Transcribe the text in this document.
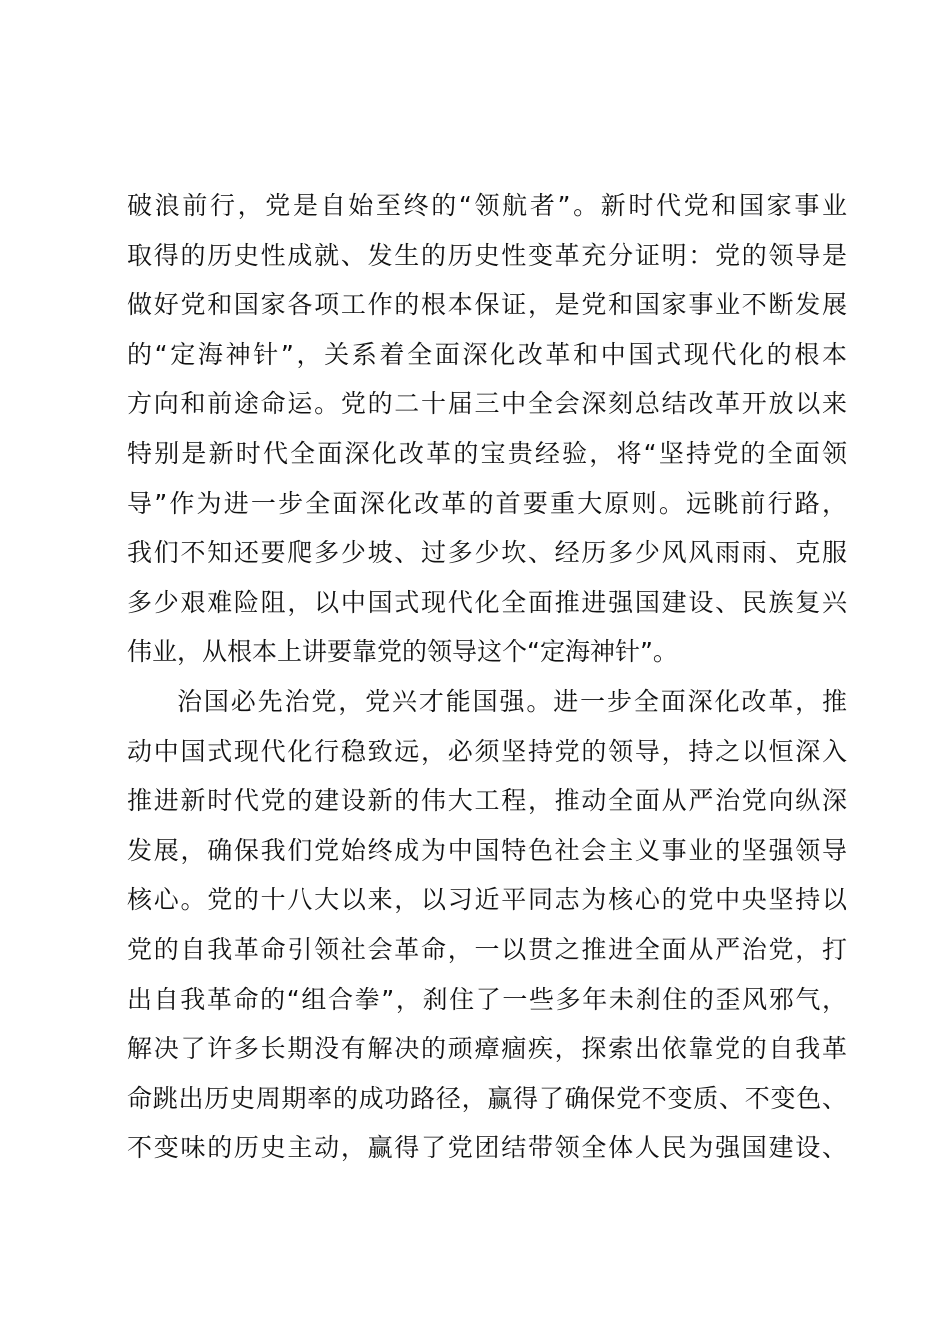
破浪前行，党是自始至终的“领航者”。新时代党和国家事业
取得的历史性成就、发生的历史性变革充分证明：党的领导是
做好党和国家各项工作的根本保证，是党和国家事业不断发展
的“定海神针”，关系着全面深化改革和中国式现代化的根本
方向和前途命运。党的二十届三中全会深刻总结改革开放以来
特别是新时代全面深化改革的宝贵经验，将“坚持党的全面领
导”作为进一步全面深化改革的首要重大原则。远眺前行路，
我们不知还要爬多少坡、过多少坎、经历多少风风雨雨、克服
多少艰难险阻，以中国式现代化全面推进强国建设、民族复兴
伟业，从根本上讲要靠党的领导这个“定海神针”。
治国必先治党，党兴才能国强。进一步全面深化改革，推
动中国式现代化行稳致远，必须坚持党的领导，持之以恒深入
推进新时代党的建设新的伟大工程，推动全面从严治党向纵深
发展，确保我们党始终成为中国特色社会主义事业的坚强领导
核心。党的十八大以来，以习近平同志为核心的党中央坚持以
党的自我革命引领社会革命，一以贯之推进全面从严治党，打
出自我革命的“组合拳”，刹住了一些多年未刹住的歪风邪气，
解决了许多长期没有解决的顽瘴痼疾，探索出依靠党的自我革
命跳出历史周期率的成功路径，赢得了确保党不变质、不变色、
不变味的历史主动，赢得了党团结带领全体人民为强国建设、
